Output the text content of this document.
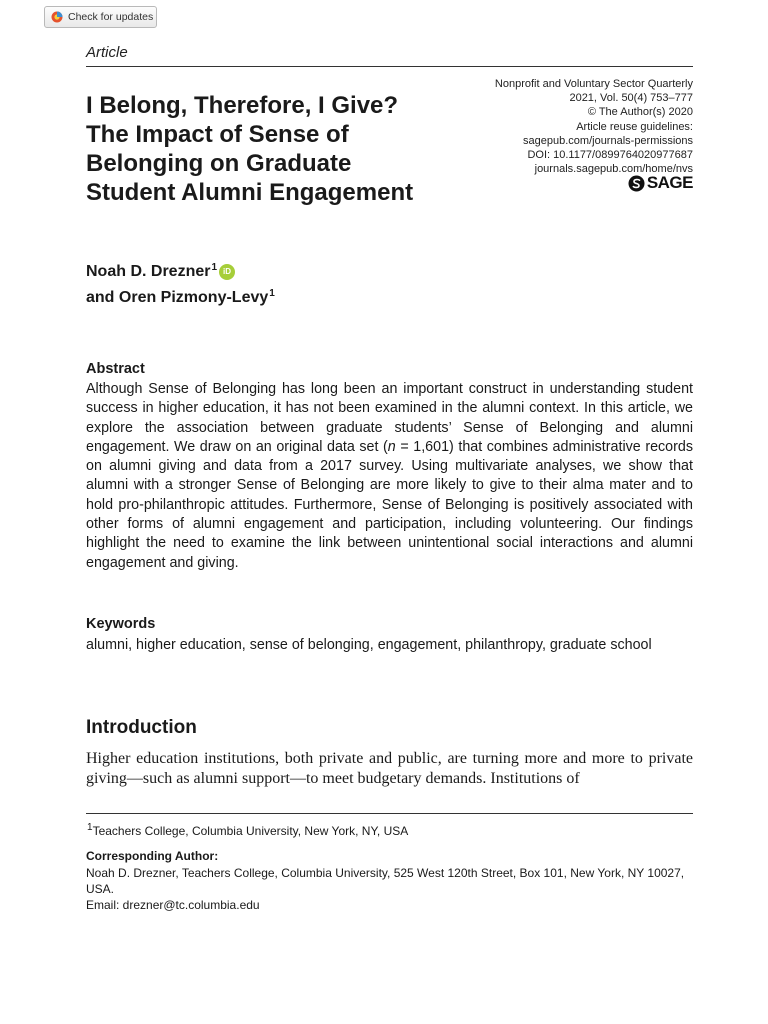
Check for updates
Article
Nonprofit and Voluntary Sector Quarterly
2021, Vol. 50(4) 753–777
© The Author(s) 2020
Article reuse guidelines:
sagepub.com/journals-permissions
DOI: 10.1177/0899764020977687
journals.sagepub.com/home/nvs
SAGE
I Belong, Therefore, I Give?
The Impact of Sense of
Belonging on Graduate
Student Alumni Engagement
Noah D. Drezner$^1$ iD
and Oren Pizmony-Levy$^1$
Abstract

Although Sense of Belonging has long been an important construct in understanding student success in higher education, it has not been examined in the alumni context. In this article, we explore the association between graduate students’ Sense of Belonging and alumni engagement. We draw on an original data set (n = 1,601) that combines administrative records on alumni giving and data from a 2017 survey. Using multivariate analyses, we show that alumni with a stronger Sense of Belonging are more likely to give to their alma mater and to hold pro-philanthropic attitudes. Furthermore, Sense of Belonging is positively associated with other forms of alumni engagement and participation, including volunteering. Our findings highlight the need to examine the link between unintentional social interactions and alumni engagement and giving.

Keywords

alumni, higher education, sense of belonging, engagement, philanthropy, graduate school

Introduction

Higher education institutions, both private and public, are turning more and more to private giving—such as alumni support—to meet budgetary demands. Institutions of

$^1$Teachers College, Columbia University, New York, NY, USA
Corresponding Author:
Noah D. Drezner, Teachers College, Columbia University, 525 West 120th Street, Box 101, New York, NY 10027, USA.
Email: drezner@tc.columbia.edu
